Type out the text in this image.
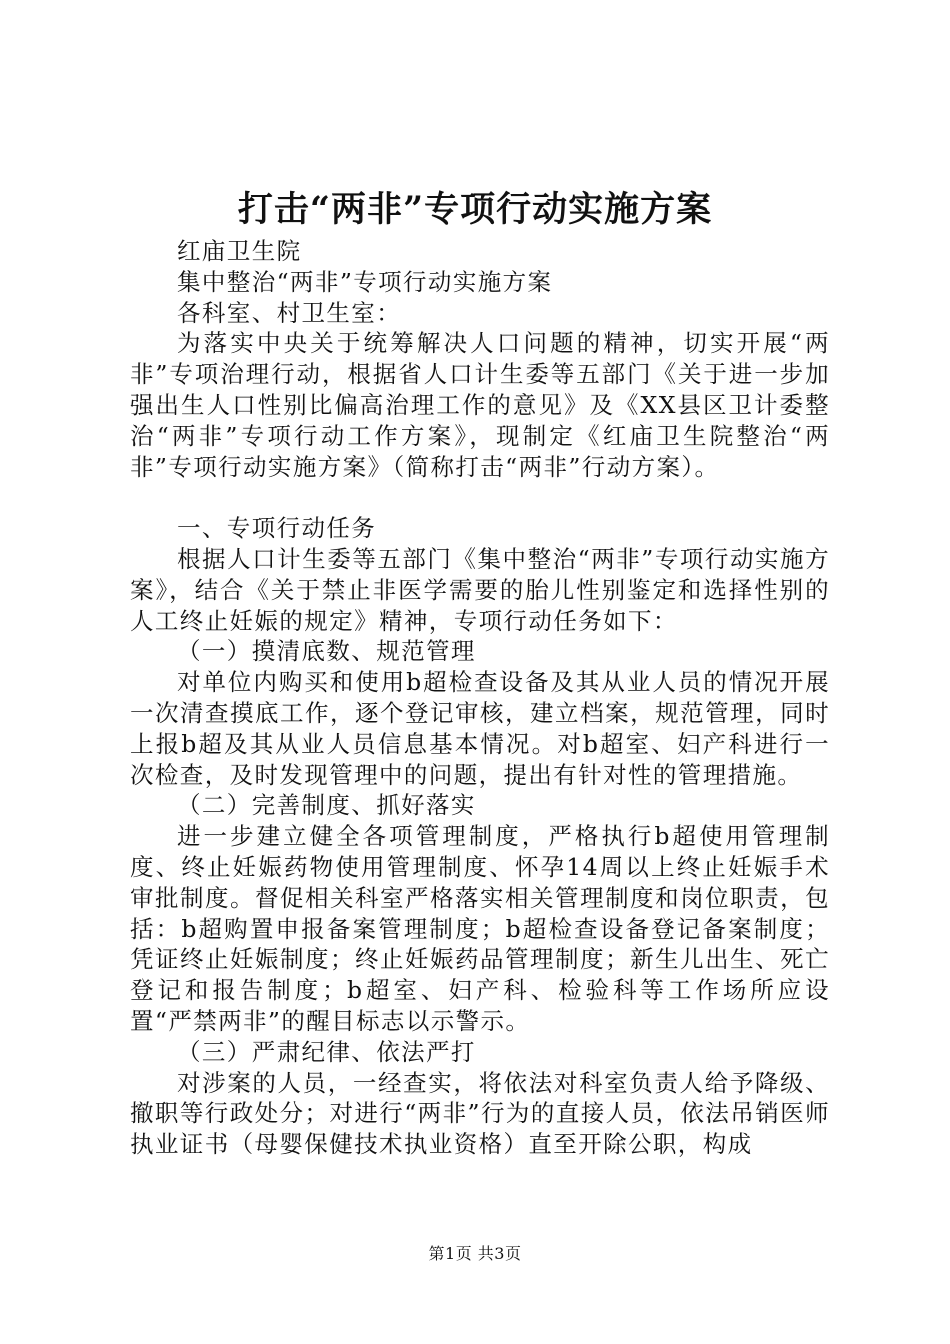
打击“两非”专项行动实施方案

红庙卫生院

集中整治“两非”专项行动实施方案

各科室、村卫生室：

为落实中央关于统筹解决人口问题的精神，切实开展“两非”专项治理行动，根据省人口计生委等五部门《关于进一步加强出生人口性别比偏高治理工作的意见》及《XX县区卫计委整治“两非”专项行动工作方案》，现制定《红庙卫生院整治“两非”专项行动实施方案》（简称打击“两非”行动方案）。

一、专项行动任务

根据人口计生委等五部门《集中整治“两非”专项行动实施方案》，结合《关于禁止非医学需要的胎儿性别鉴定和选择性别的人工终止妊娠的规定》精神，专项行动任务如下：

（一）摸清底数、规范管理

对单位内购买和使用b超检查设备及其从业人员的情况开展一次清查摸底工作，逐个登记审核，建立档案，规范管理，同时上报b超及其从业人员信息基本情况。对b超室、妇产科进行一次检查，及时发现管理中的问题，提出有针对性的管理措施。

（二）完善制度、抓好落实

进一步建立健全各项管理制度，严格执行b超使用管理制度、终止妊娠药物使用管理制度、怀孕14周以上终止妊娠手术审批制度。督促相关科室严格落实相关管理制度和岗位职责，包括：b超购置申报备案管理制度；b超检查设备登记备案制度；凭证终止妊娠制度；终止妊娠药品管理制度；新生儿出生、死亡登记和报告制度；b超室、妇产科、检验科等工作场所应设置“严禁两非”的醒目标志以示警示。

（三）严肃纪律、依法严打

对涉案的人员，一经查实，将依法对科室负责人给予降级、撤职等行政处分；对进行“两非”行为的直接人员，依法吊销医师执业证书（母婴保健技术执业资格）直至开除公职，构成

第1页 共3页
